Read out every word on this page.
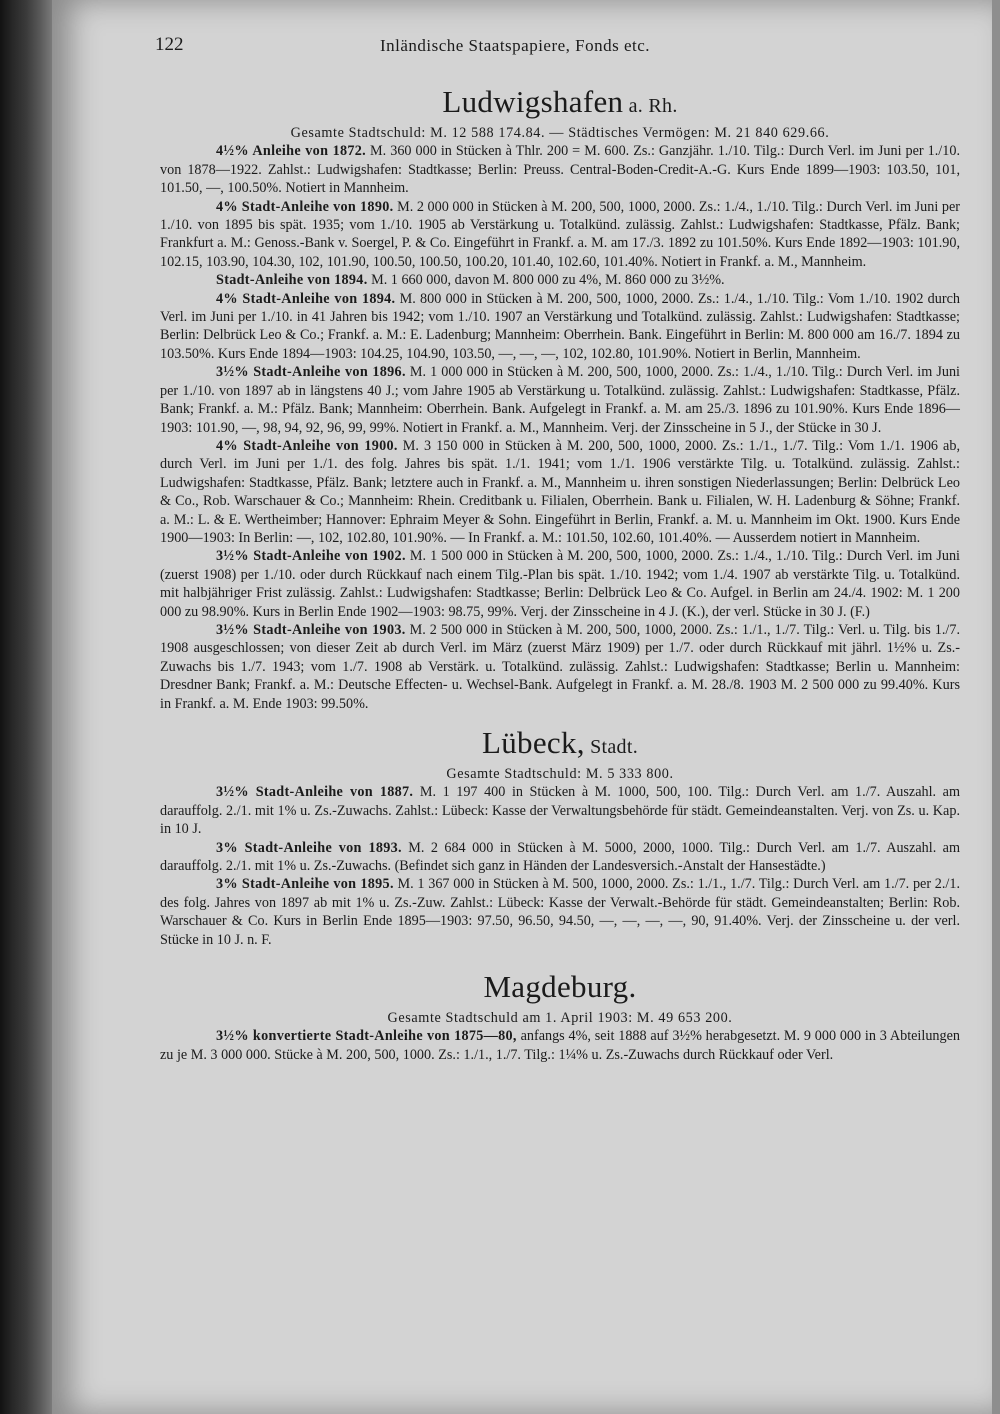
122	Inländische Staatspapiere, Fonds etc.
Ludwigshafen a. Rh.
Gesamte Stadtschuld: M. 12 588 174.84. — Städtisches Vermögen: M. 21 840 629.66.

4½% Anleihe von 1872. M. 360 000 in Stücken à Thlr. 200 = M. 600. Zs.: Ganzjähr. 1./10. Tilg.: Durch Verl. im Juni per 1./10. von 1878—1922. Zahlst.: Ludwigshafen: Stadtkasse; Berlin: Preuss. Central-Boden-Credit-A.-G. Kurs Ende 1899—1903: 103.50, 101, 101.50, —, 100.50%. Notiert in Mannheim.

4% Stadt-Anleihe von 1890. M. 2 000 000 in Stücken à M. 200, 500, 1000, 2000. Zs.: 1./4., 1./10. Tilg.: Durch Verl. im Juni per 1./10. von 1895 bis spät. 1935; vom 1./10. 1905 ab Verstärkung u. Totalkünd. zulässig. Zahlst.: Ludwigshafen: Stadtkasse, Pfälz. Bank; Frankfurt a. M.: Genoss.-Bank v. Soergel, P. & Co. Eingeführt in Frankf. a. M. am 17./3. 1892 zu 101.50%. Kurs Ende 1892—1903: 101.90, 102.15, 103.90, 104.30, 102, 101.90, 100.50, 100.50, 100.20, 101.40, 102.60, 101.40%. Notiert in Frankf. a. M., Mannheim.

Stadt-Anleihe von 1894. M. 1 660 000, davon M. 800 000 zu 4%, M. 860 000 zu 3½%.

4% Stadt-Anleihe von 1894. M. 800 000 in Stücken à M. 200, 500, 1000, 2000. Zs.: 1./4., 1./10. Tilg.: Vom 1./10. 1902 durch Verl. im Juni per 1./10. in 41 Jahren bis 1942; vom 1./10. 1907 an Verstärkung und Totalkünd. zulässig. Zahlst.: Ludwigshafen: Stadtkasse; Berlin: Delbrück Leo & Co.; Frankf. a. M.: E. Ladenburg; Mannheim: Oberrhein. Bank. Eingeführt in Berlin: M. 800 000 am 16./7. 1894 zu 103.50%. Kurs Ende 1894—1903: 104.25, 104.90, 103.50, —, —, —, 102, 102.80, 101.90%. Notiert in Berlin, Mannheim.

3½% Stadt-Anleihe von 1896. M. 1 000 000 in Stücken à M. 200, 500, 1000, 2000. Zs.: 1./4., 1./10. Tilg.: Durch Verl. im Juni per 1./10. von 1897 ab in längstens 40 J.; vom Jahre 1905 ab Verstärkung u. Totalkünd. zulässig. Zahlst.: Ludwigshafen: Stadtkasse, Pfälz. Bank; Frankf. a. M.: Pfälz. Bank; Mannheim: Oberrhein. Bank. Aufgelegt in Frankf. a. M. am 25./3. 1896 zu 101.90%. Kurs Ende 1896—1903: 101.90, —, 98, 94, 92, 96, 99, 99%. Notiert in Frankf. a. M., Mannheim. Verj. der Zinsscheine in 5 J., der Stücke in 30 J.

4% Stadt-Anleihe von 1900. M. 3 150 000 in Stücken à M. 200, 500, 1000, 2000. Zs.: 1./1., 1./7. Tilg.: Vom 1./1. 1906 ab, durch Verl. im Juni per 1./1. des folg. Jahres bis spät. 1./1. 1941; vom 1./1. 1906 verstärkte Tilg. u. Totalkünd. zulässig. Zahlst.: Ludwigshafen: Stadtkasse, Pfälz. Bank; letztere auch in Frankf. a. M., Mannheim u. ihren sonstigen Niederlassungen; Berlin: Delbrück Leo & Co., Rob. Warschauer & Co.; Mannheim: Rhein. Creditbank u. Filialen, Oberrhein. Bank u. Filialen, W. H. Ladenburg & Söhne; Frankf. a. M.: L. & E. Wertheimber; Hannover: Ephraim Meyer & Sohn. Eingeführt in Berlin, Frankf. a. M. u. Mannheim im Okt. 1900. Kurs Ende 1900—1903: In Berlin: —, 102, 102.80, 101.90%. — In Frankf. a. M.: 101.50, 102.60, 101.40%. — Ausserdem notiert in Mannheim.

3½% Stadt-Anleihe von 1902. M. 1 500 000 in Stücken à M. 200, 500, 1000, 2000. Zs.: 1./4., 1./10. Tilg.: Durch Verl. im Juni (zuerst 1908) per 1./10. oder durch Rückkauf nach einem Tilg.-Plan bis spät. 1./10. 1942; vom 1./4. 1907 ab verstärkte Tilg. u. Totalkünd. mit halbjähriger Frist zulässig. Zahlst.: Ludwigshafen: Stadtkasse; Berlin: Delbrück Leo & Co. Aufgel. in Berlin am 24./4. 1902: M. 1 200 000 zu 98.90%. Kurs in Berlin Ende 1902—1903: 98.75, 99%. Verj. der Zinsscheine in 4 J. (K.), der verl. Stücke in 30 J. (F.)

3½% Stadt-Anleihe von 1903. M. 2 500 000 in Stücken à M. 200, 500, 1000, 2000. Zs.: 1./1., 1./7. Tilg.: Verl. u. Tilg. bis 1./7. 1908 ausgeschlossen; von dieser Zeit ab durch Verl. im März (zuerst März 1909) per 1./7. oder durch Rückkauf mit jährl. 1½% u. Zs.-Zuwachs bis 1./7. 1943; vom 1./7. 1908 ab Verstärk. u. Totalkünd. zulässig. Zahlst.: Ludwigshafen: Stadtkasse; Berlin u. Mannheim: Dresdner Bank; Frankf. a. M.: Deutsche Effecten- u. Wechsel-Bank. Aufgelegt in Frankf. a. M. 28./8. 1903 M. 2 500 000 zu 99.40%. Kurs in Frankf. a. M. Ende 1903: 99.50%.

Lübeck, Stadt.
Gesamte Stadtschuld: M. 5 333 800.

3½% Stadt-Anleihe von 1887. M. 1 197 400 in Stücken à M. 1000, 500, 100. Tilg.: Durch Verl. am 1./7. Auszahl. am darauffolg. 2./1. mit 1% u. Zs.-Zuwachs. Zahlst.: Lübeck: Kasse der Verwaltungsbehörde für städt. Gemeindeanstalten. Verj. von Zs. u. Kap. in 10 J.

3% Stadt-Anleihe von 1893. M. 2 684 000 in Stücken à M. 5000, 2000, 1000. Tilg.: Durch Verl. am 1./7. Auszahl. am darauffolg. 2./1. mit 1% u. Zs.-Zuwachs. (Befindet sich ganz in Händen der Landesversich.-Anstalt der Hansestädte.)

3% Stadt-Anleihe von 1895. M. 1 367 000 in Stücken à M. 500, 1000, 2000. Zs.: 1./1., 1./7. Tilg.: Durch Verl. am 1./7. per 2./1. des folg. Jahres von 1897 ab mit 1% u. Zs.-Zuw. Zahlst.: Lübeck: Kasse der Verwalt.-Behörde für städt. Gemeindeanstalten; Berlin: Rob. Warschauer & Co. Kurs in Berlin Ende 1895—1903: 97.50, 96.50, 94.50, —, —, —, —, 90, 91.40%. Verj. der Zinsscheine u. der verl. Stücke in 10 J. n. F.

Magdeburg.
Gesamte Stadtschuld am 1. April 1903: M. 49 653 200.

3½% konvertierte Stadt-Anleihe von 1875—80, anfangs 4%, seit 1888 auf 3½% herabgesetzt. M. 9 000 000 in 3 Abteilungen zu je M. 3 000 000. Stücke à M. 200, 500, 1000. Zs.: 1./1., 1./7. Tilg.: 1¼% u. Zs.-Zuwachs durch Rückkauf oder Verl.
